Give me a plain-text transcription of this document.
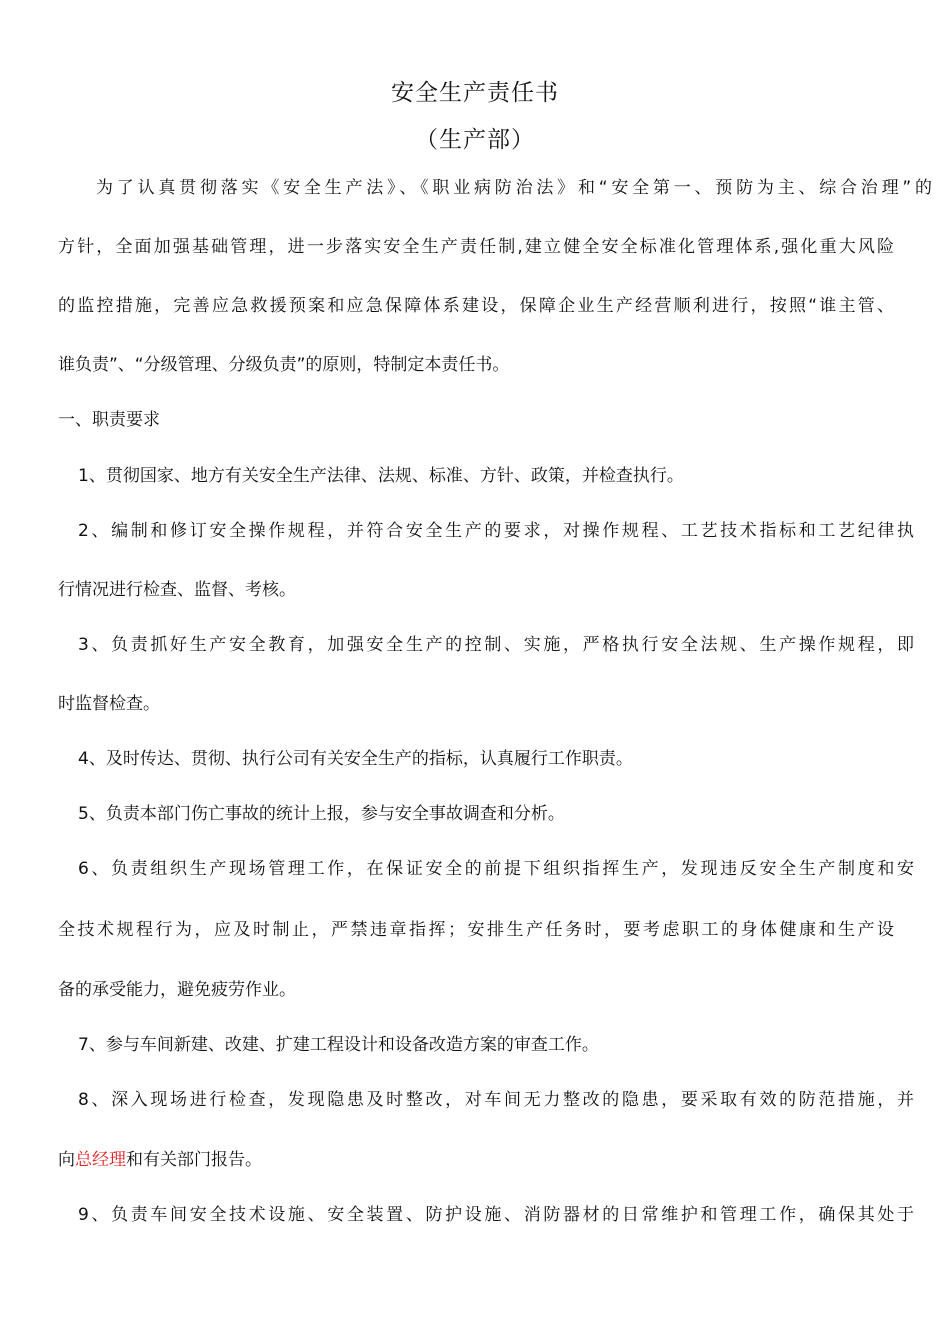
安全生产责任书
（生产部）
为了认真贯彻落实《安全生产法》、《职业病防治法》和“安全第一、预防为主、综合治理”的
方针，全面加强基础管理，进一步落实安全生产责任制,建立健全安全标准化管理体系,强化重大风险
的监控措施，完善应急救援预案和应急保障体系建设，保障企业生产经营顺利进行，按照“谁主管、
谁负责”、“分级管理、分级负责”的原则，特制定本责任书。
一、职责要求
1、贯彻国家、地方有关安全生产法律、法规、标准、方针、政策，并检查执行。
2、编制和修订安全操作规程，并符合安全生产的要求，对操作规程、工艺技术指标和工艺纪律执
行情况进行检查、监督、考核。
3、负责抓好生产安全教育，加强安全生产的控制、实施，严格执行安全法规、生产操作规程，即
时监督检查。
4、及时传达、贯彻、执行公司有关安全生产的指标，认真履行工作职责。
5、负责本部门伤亡事故的统计上报，参与安全事故调查和分析。
6、负责组织生产现场管理工作，在保证安全的前提下组织指挥生产，发现违反安全生产制度和安
全技术规程行为，应及时制止，严禁违章指挥；安排生产任务时，要考虑职工的身体健康和生产设
备的承受能力，避免疲劳作业。
7、参与车间新建、改建、扩建工程设计和设备改造方案的审查工作。
8、深入现场进行检查，发现隐患及时整改，对车间无力整改的隐患，要采取有效的防范措施，并
向总经理和有关部门报告。
9、负责车间安全技术设施、安全装置、防护设施、消防器材的日常维护和管理工作，确保其处于
